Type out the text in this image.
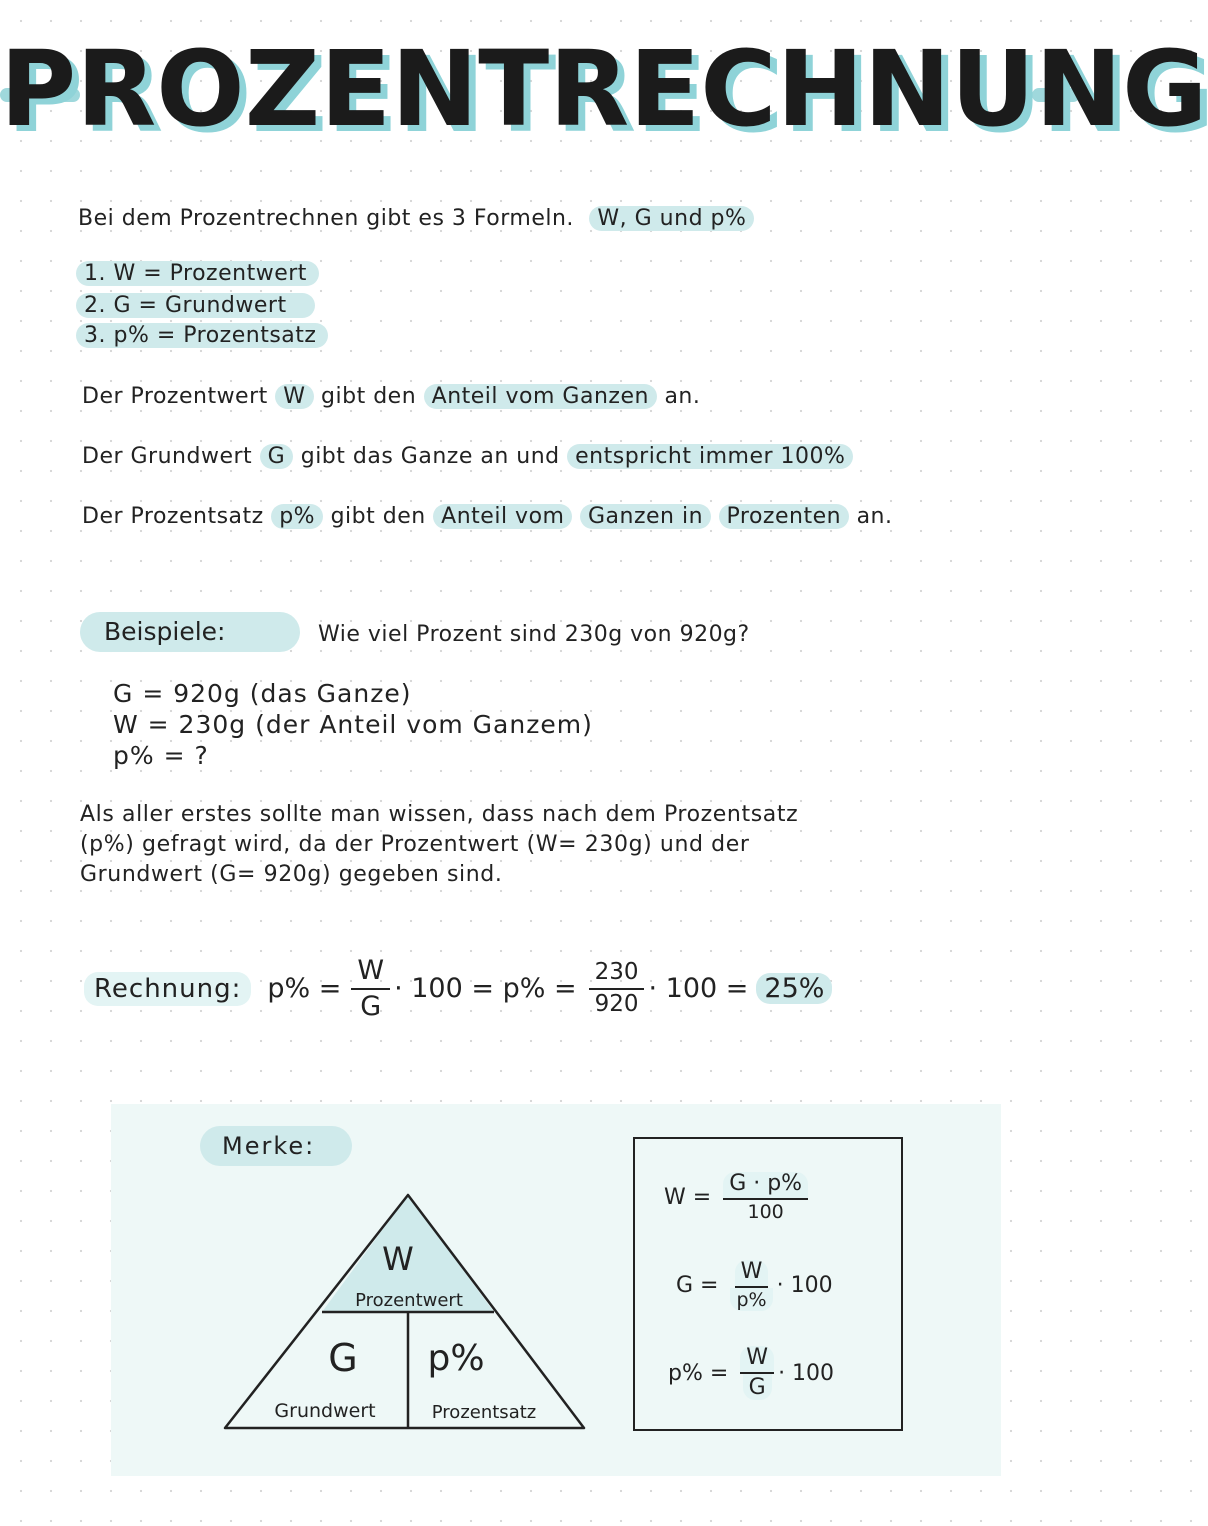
PROZENTRECHNUNG
Bei dem Prozentrechnen gibt es 3 Formeln. W, G und p%
1. W = Prozentwert
2. G = Grundwert
3. p% = Prozentsatz
Der Prozentwert W gibt den Anteil vom Ganzen an.
Der Grundwert G gibt das Ganze an und entspricht immer 100%
Der Prozentsatz p% gibt den Anteil vom Ganzen in Prozenten an.
Beispiele:	Wie viel Prozent sind 230g von 920g?
G = 920g (das Ganze)
W = 230g (der Anteil vom Ganzem)
p% = ?
Als aller erstes sollte man wissen, dass nach dem Prozentsatz
(p%) gefragt wird, da der Prozentwert (W= 230g) und der
Grundwert (G= 920g) gegeben sind.
Rechnung: $p\% = \frac{W}{G} \cdot 100 = p\% = \frac{230}{920} \cdot 100 = 25\%$
Merke:
W
Prozentwert
G
Grundwert
p%
Prozentsatz
$W = \frac{G \cdot p\%}{100}$
$G = \frac{W}{p\%} \cdot 100$
$p\% = \frac{W}{G} \cdot 100$
